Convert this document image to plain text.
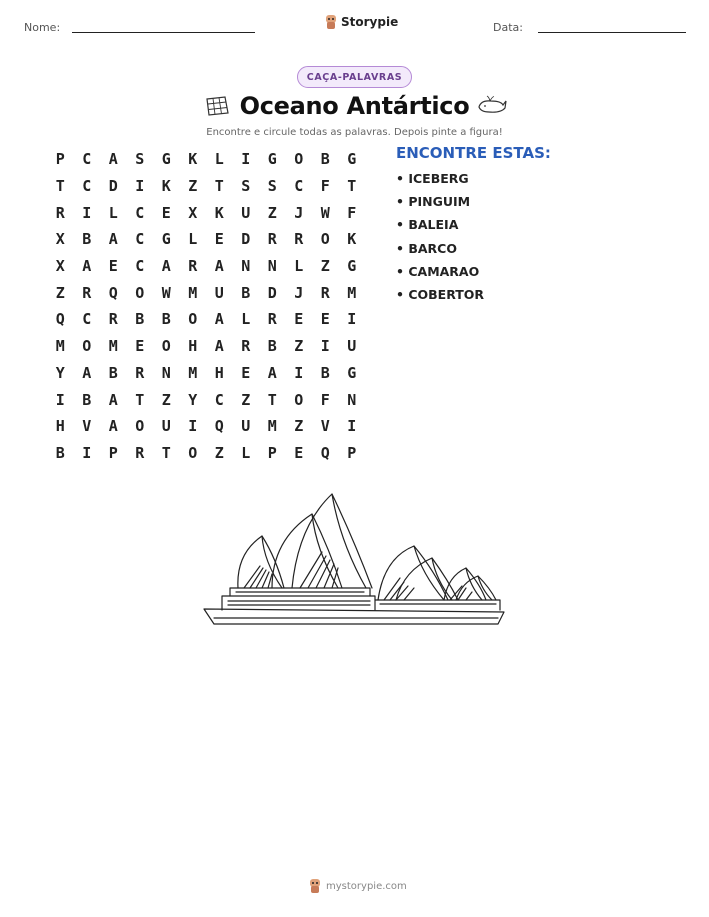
Nome:	Storypie	Data:
CAÇA-PALAVRAS
Oceano Antártico
Encontre e circule todas as palavras. Depois pinte a figura!
P	C	A	S	G	K	L	I	G	O	B	G
T	C	D	I	K	Z	T	S	S	C	F	T
R	I	L	C	E	X	K	U	Z	J	W	F
X	B	A	C	G	L	E	D	R	R	O	K
X	A	E	C	A	R	A	N	N	L	Z	G
Z	R	Q	O	W	M	U	B	D	J	R	M
Q	C	R	B	B	O	A	L	R	E	E	I
M	O	M	E	O	H	A	R	B	Z	I	U
Y	A	B	R	N	M	H	E	A	I	B	G
I	B	A	T	Z	Y	C	Z	T	O	F	N
H	V	A	O	U	I	Q	U	M	Z	V	I
B	I	P	R	T	O	Z	L	P	E	Q	P
ENCONTRE ESTAS:
• ICEBERG
• PINGUIM
• BALEIA
• BARCO
• CAMARAO
• COBERTOR
mystorypie.com
